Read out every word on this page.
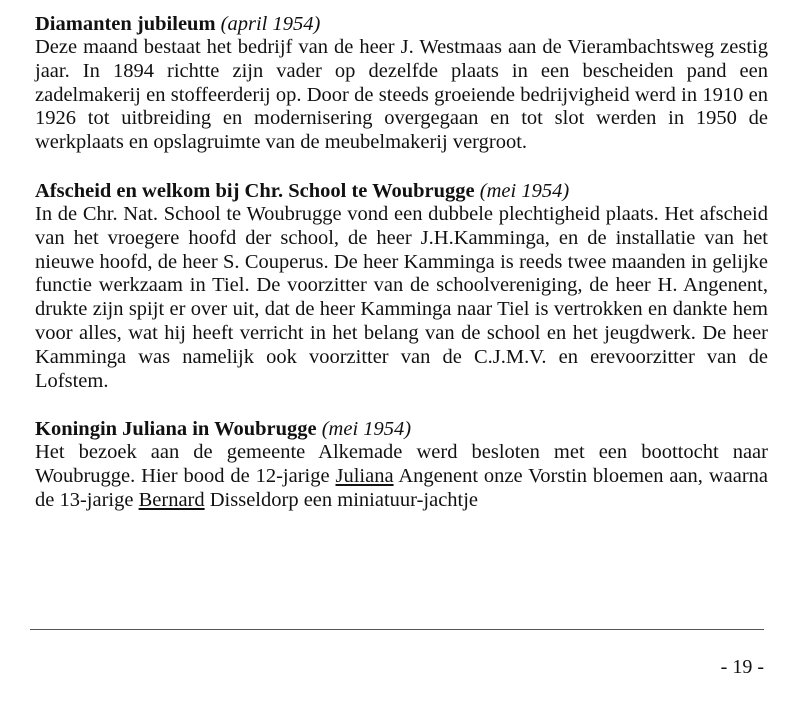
Diamanten jubileum (april 1954)

Deze maand bestaat het bedrijf van de heer J. Westmaas aan de Vierambachtsweg zestig jaar. In 1894 richtte zijn vader op dezelfde plaats in een bescheiden pand een zadelmakerij en stoffeerderij op. Door de steeds groeiende bedrijvigheid werd in 1910 en 1926 tot uitbreiding en modernisering overgegaan en tot slot werden in 1950 de werkplaats en opslagruimte van de meubelmakerij vergroot.

Afscheid en welkom bij Chr. School te Woubrugge (mei 1954)

In de Chr. Nat. School te Woubrugge vond een dubbele plechtigheid plaats. Het afscheid van het vroegere hoofd der school, de heer J.H.Kamminga, en de installatie van het nieuwe hoofd, de heer S. Couperus. De heer Kamminga is reeds twee maanden in gelijke functie werkzaam in Tiel. De voorzitter van de schoolvereniging, de heer H. Angenent, drukte zijn spijt er over uit, dat de heer Kamminga naar Tiel is vertrokken en dankte hem voor alles, wat hij heeft verricht in het belang van de school en het jeugdwerk. De heer Kamminga was namelijk ook voorzitter van de C.J.M.V. en erevoorzitter van de Lofstem.

Koningin Juliana in Woubrugge (mei 1954)

Het bezoek aan de gemeente Alkemade werd besloten met een boottocht naar Woubrugge. Hier bood de 12-jarige Juliana Angenent onze Vorstin bloemen aan, waarna de 13-jarige Bernard Disseldorp een miniatuur-jachtje

- 19 -
